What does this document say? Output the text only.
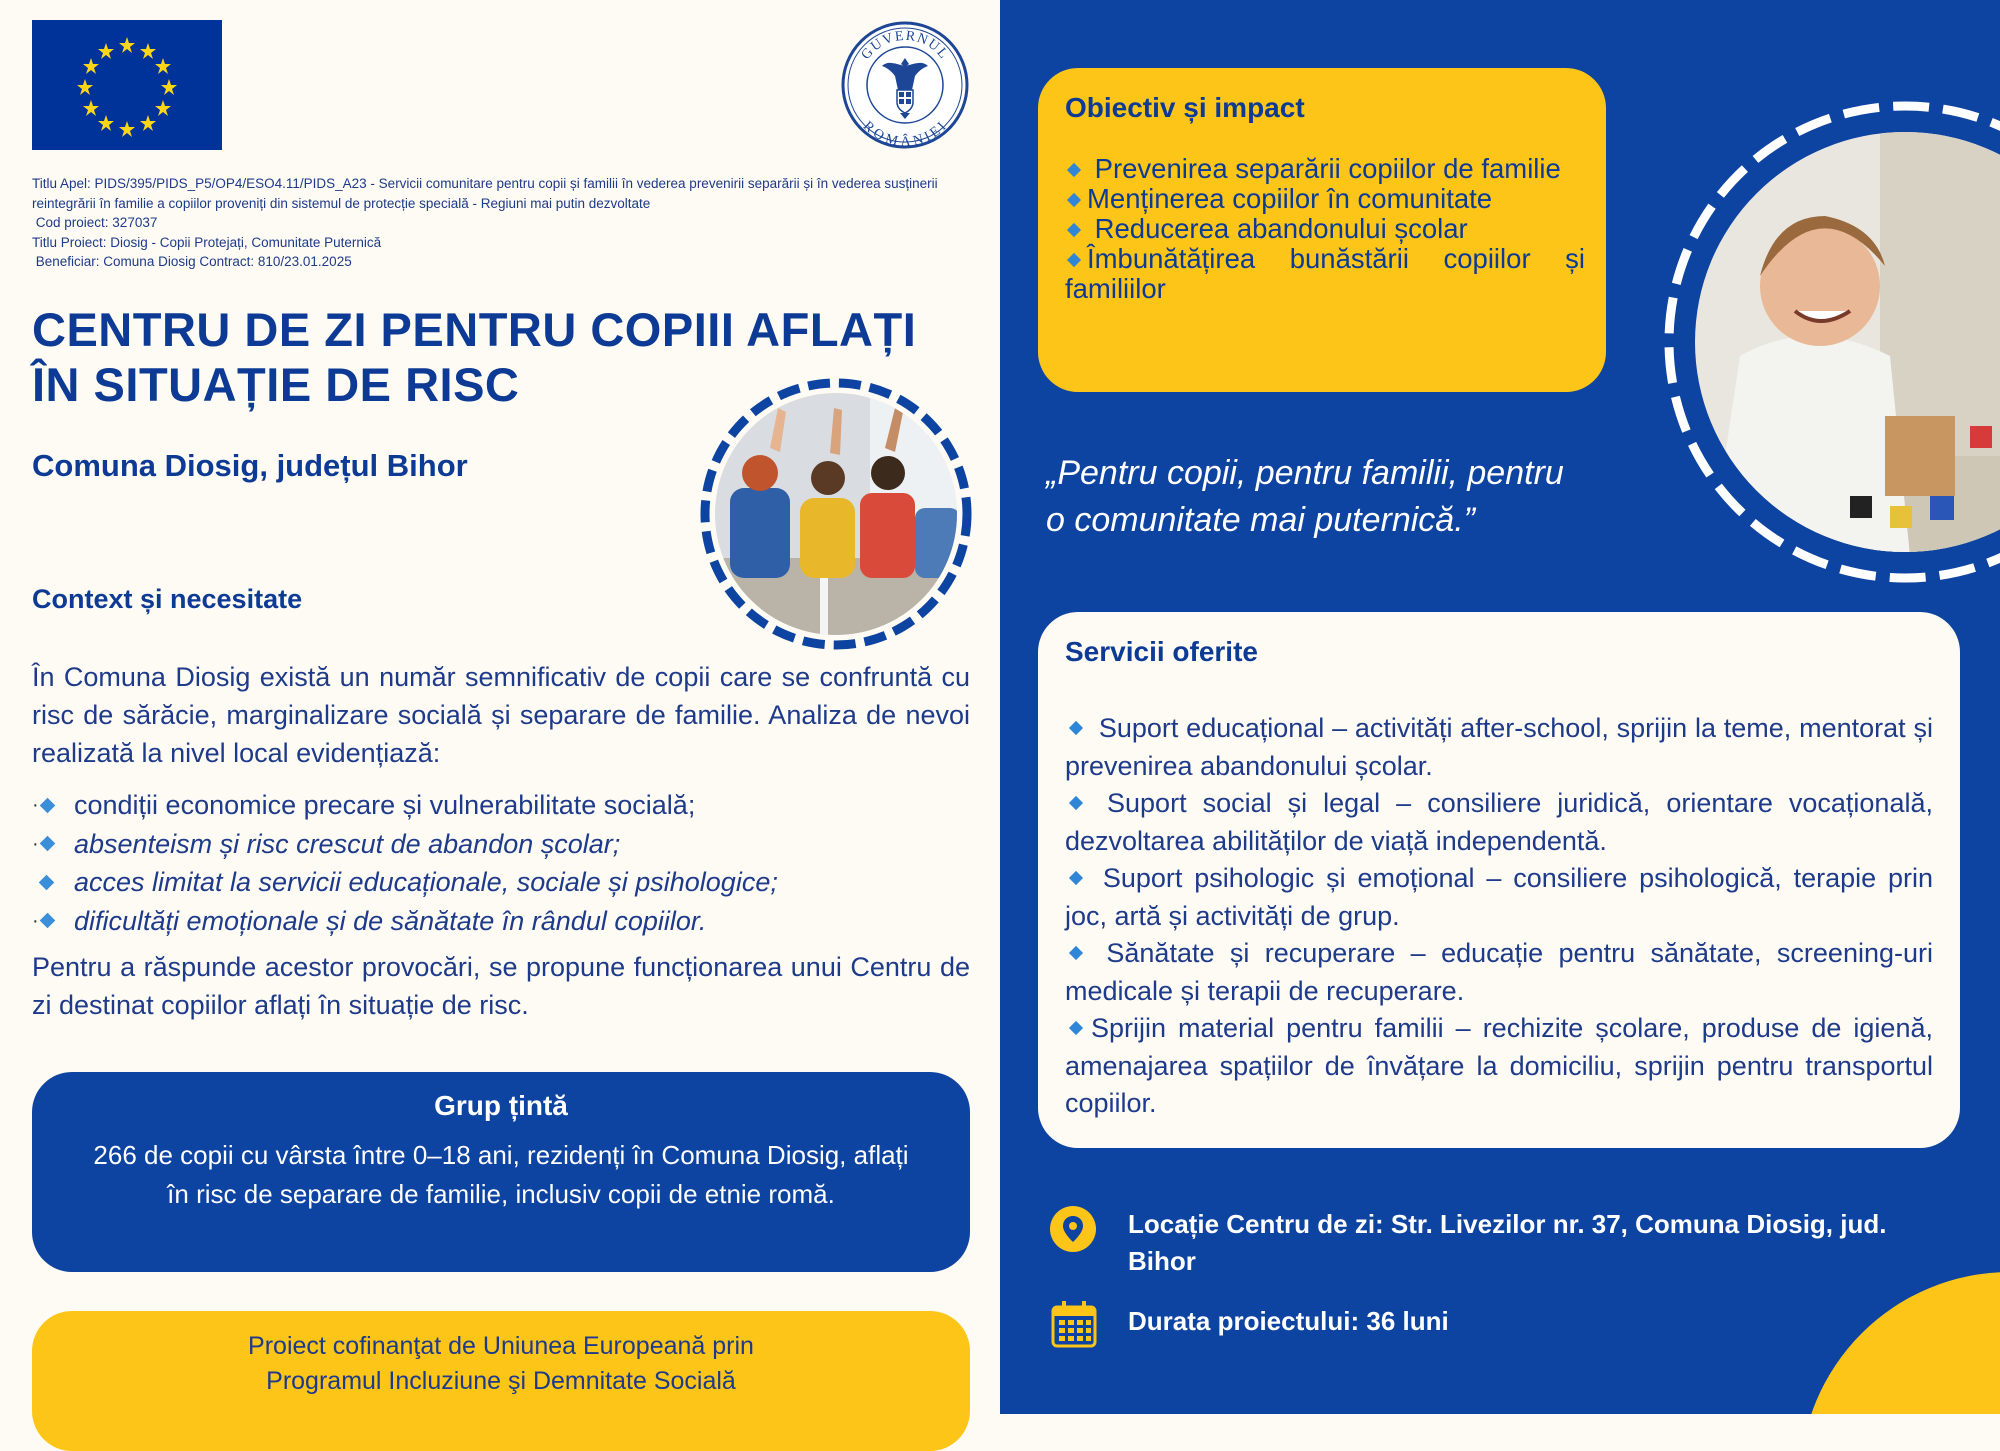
GUVERNUL
ROMÂNIEI
Titlu Apel: PIDS/395/PIDS_P5/OP4/ESO4.11/PIDS_A23 - Servicii comunitare pentru copii și familii în vederea prevenirii separării și în vederea susținerii reintegrării în familie a copiilor proveniți din sistemul de protecție specială - Regiuni mai putin dezvoltate
Cod proiect: 327037
Titlu Proiect: Diosig - Copii Protejați, Comunitate Puternică
Beneficiar: Comuna Diosig Contract: 810/23.01.2025
CENTRU DE ZI PENTRU COPIII AFLAȚI
ÎN SITUAȚIE DE RISC
Comuna Diosig, județul Bihor
Context și necesitate
În Comuna Diosig există un număr semnificativ de copii care se confruntă cu risc de sărăcie, marginalizare socială și separare de familie. Analiza de nevoi realizată la nivel local evidențiază:
·	condiții economice precare și vulnerabilitate socială;
·	absenteism și risc crescut de abandon școlar;

acces limitat la servicii educaționale, sociale și psihologice;
·	dificultăți emoționale și de sănătate în rândul copiilor.
Pentru a răspunde acestor provocări, se propune funcționarea unui Centru de zi destinat copiilor aflați în situație de risc.
Grup țintă
266 de copii cu vârsta între 0–18 ani, rezidenți în Comuna Diosig, aflați în risc de separare de familie, inclusiv copii de etnie romă.
Proiect cofinanţat de Uniunea Europeană prin
Programul Incluziune şi Demnitate Socială
Obiectiv și impact
Prevenirea separării copiilor de familie
Menținerea copiilor în comunitate
Reducerea abandonului școlar
Îmbunătățirea bunăstării copiilor și familiilor
„Pentru copii, pentru familii, pentru
o comunitate mai puternică.”
Servicii oferite

Suport educațional – activități after-school, sprijin la teme, mentorat și prevenirea abandonului școlar.

Suport social și legal – consiliere juridică, orientare vocațională, dezvoltarea abilităților de viață independentă.

Suport psihologic și emoțional – consiliere psihologică, terapie prin joc, artă și activități de grup.

Sănătate și recuperare – educație pentru sănătate, screening-uri medicale și terapii de recuperare.

Sprijin material pentru familii – rechizite școlare, produse de igienă, amenajarea spațiilor de învățare la domiciliu, sprijin pentru transportul copiilor.

Locație Centru de zi: Str. Livezilor nr. 37, Comuna Diosig, jud. Bihor
Durata proiectului: 36 luni
